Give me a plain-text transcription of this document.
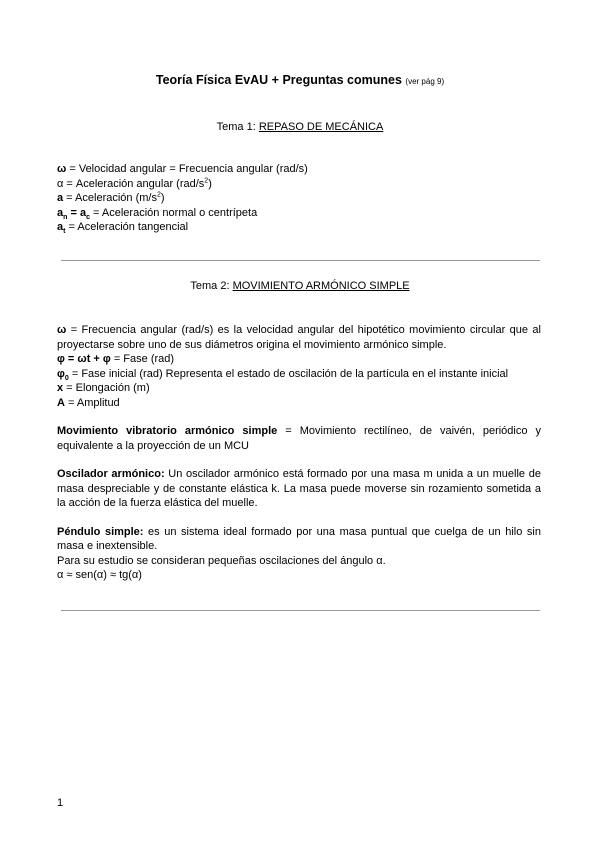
Teoría Física EvAU + Preguntas comunes (ver pág 9)
Tema 1: REPASO DE MECÁNICA
ω = Velocidad angular = Frecuencia angular (rad/s)
α = Aceleración angular $(rad/s^2)$
a = Aceleración $(m/s^2)$
$a_n = a_c$ = Aceleración normal o centrípeta
$a_t$ = Aceleración tangencial
Tema 2: MOVIMIENTO ARMÓNICO SIMPLE
ω = Frecuencia angular (rad/s) es la velocidad angular del hipotético movimiento circular que al proyectarse sobre uno de sus diámetros origina el movimiento armónico simple.
φ = ωt + φ = Fase (rad)
$\varphi_0$ = Fase inicial (rad) Representa el estado de oscilación de la partícula en el instante inicial
x = Elongación (m)
A = Amplitud
Movimiento vibratorio armónico simple = Movimiento rectilíneo, de vaivén, periódico y equivalente a la proyección de un MCU
Oscilador armónico: Un oscilador armónico está formado por una masa m unida a un muelle de masa despreciable y de constante elástica k. La masa puede moverse sin rozamiento sometida a la acción de la fuerza elástica del muelle.
Péndulo simple: es un sistema ideal formado por una masa puntual que cuelga de un hilo sin masa e inextensible.
Para su estudio se consideran pequeñas oscilaciones del ángulo α.
α ≈ sen(α) ≈ tg(α)
1
